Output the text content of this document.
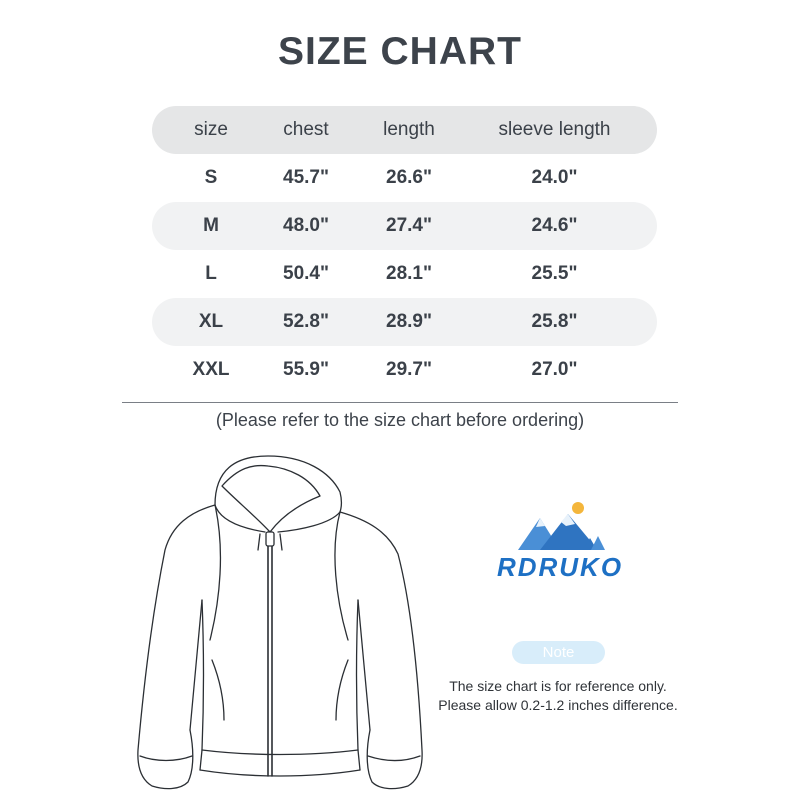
SIZE CHART
size	chest	length	sleeve length
S	45.7"	26.6"	24.0"
M	48.0"	27.4"	24.6"
L	50.4"	28.1"	25.5"
XL	52.8"	28.9"	25.8"
XXL	55.9"	29.7"	27.0"
(Please refer to the size chart before ordering)
RDRUKO
Note
The size chart is for reference only.
Please allow 0.2-1.2 inches difference.
